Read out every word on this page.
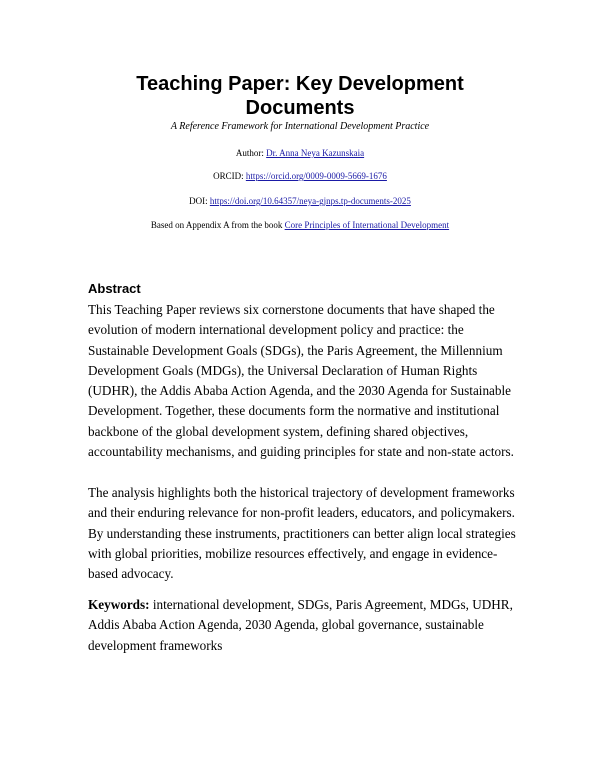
Teaching Paper: Key Development
Documents
A Reference Framework for International Development Practice
Author: Dr. Anna Neya Kazunskaia
ORCID: https://orcid.org/0009-0009-5669-1676
DOI: https://doi.org/10.64357/neya-gjnps.tp-documents-2025
Based on Appendix A from the book Core Principles of International Development
Abstract
This Teaching Paper reviews six cornerstone documents that have shaped the evolution of modern international development policy and practice: the Sustainable Development Goals (SDGs), the Paris Agreement, the Millennium Development Goals (MDGs), the Universal Declaration of Human Rights (UDHR), the Addis Ababa Action Agenda, and the 2030 Agenda for Sustainable Development. Together, these documents form the normative and institutional backbone of the global development system, defining shared objectives, accountability mechanisms, and guiding principles for state and non-state actors.
The analysis highlights both the historical trajectory of development frameworks and their enduring relevance for non-profit leaders, educators, and policymakers. By understanding these instruments, practitioners can better align local strategies with global priorities, mobilize resources effectively, and engage in evidence-based advocacy.
Keywords: international development, SDGs, Paris Agreement, MDGs, UDHR, Addis Ababa Action Agenda, 2030 Agenda, global governance, sustainable development frameworks
